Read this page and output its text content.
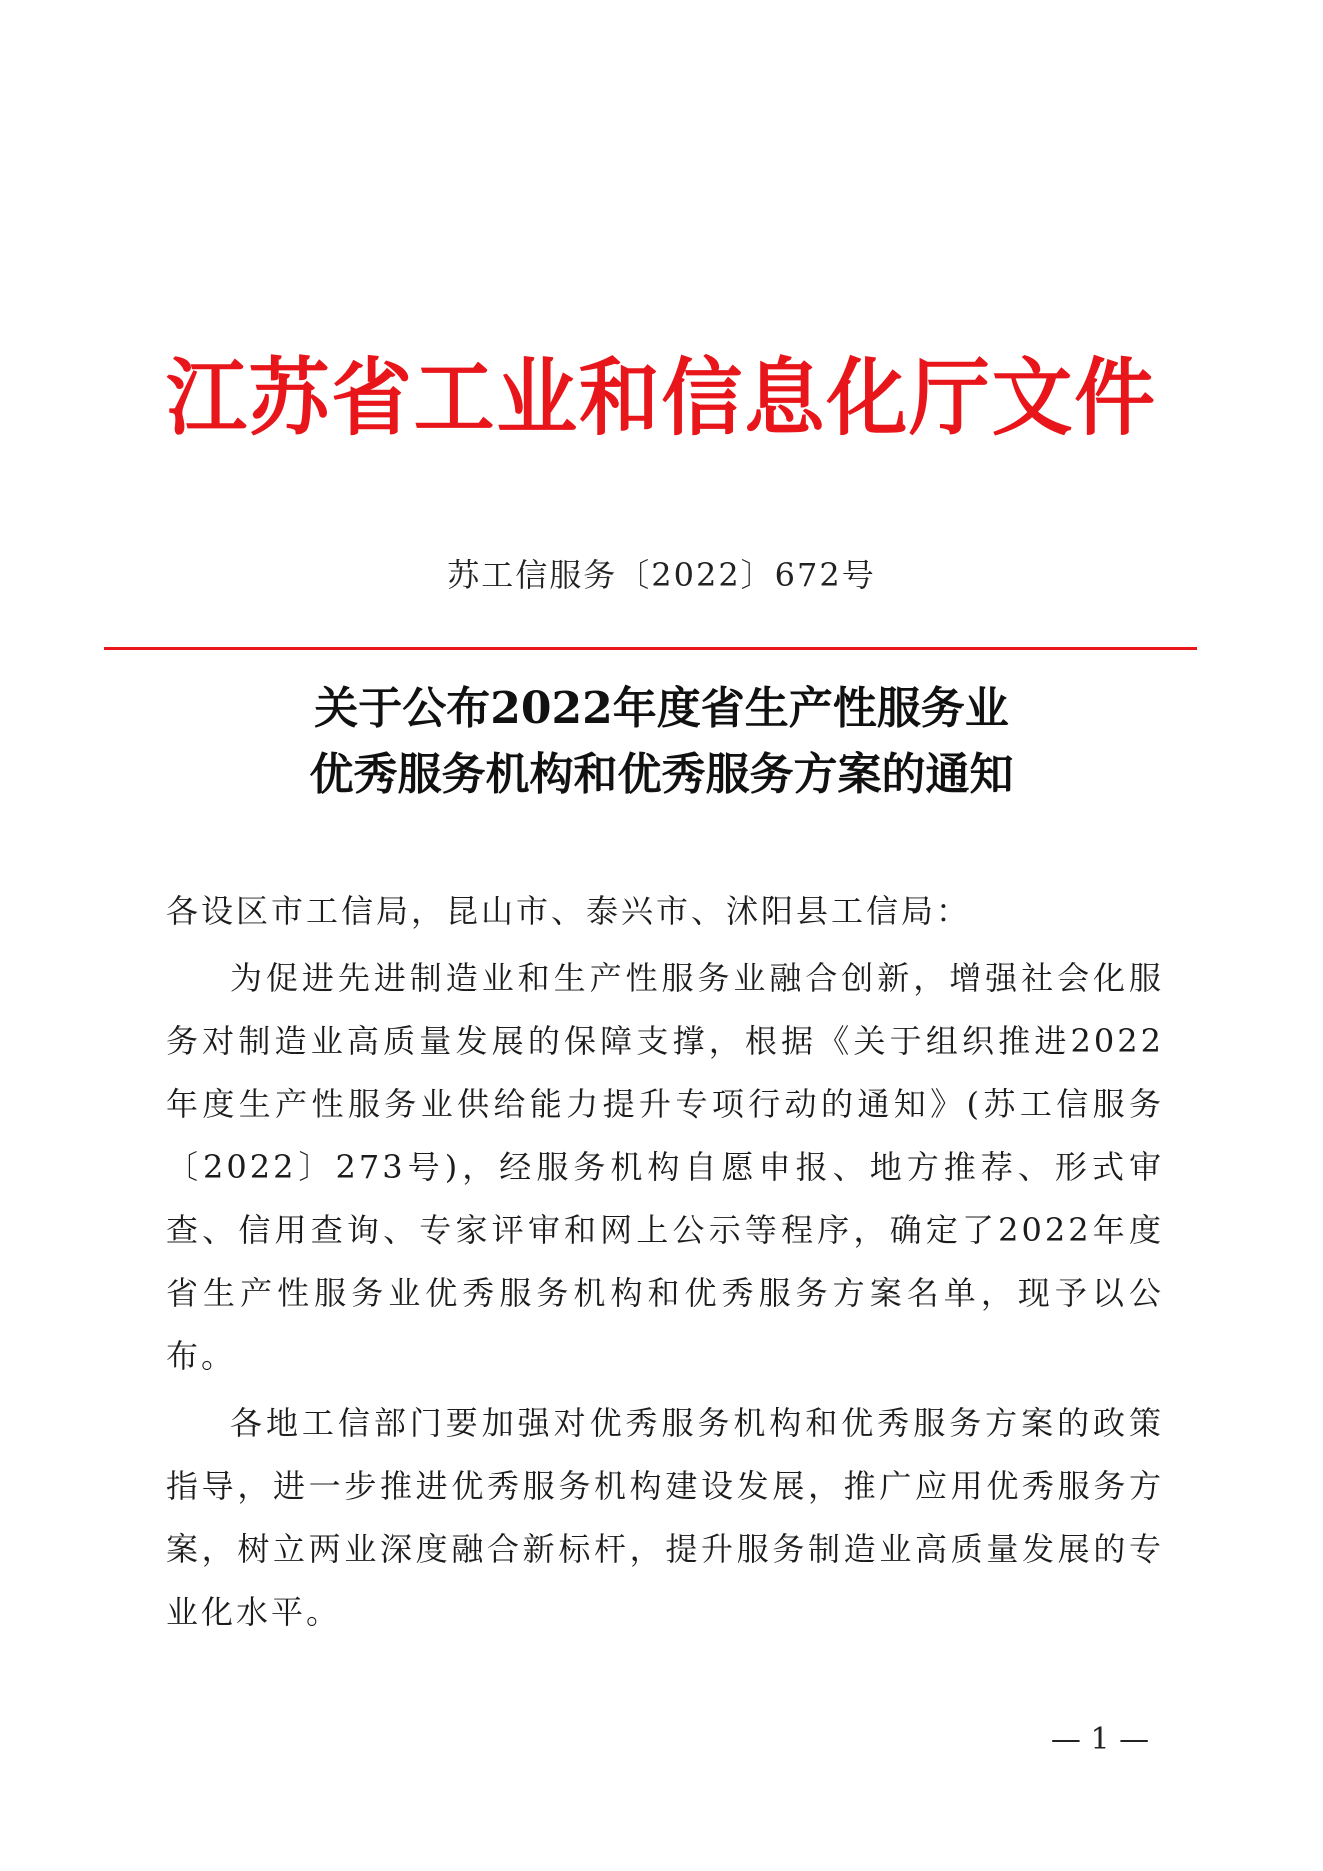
江苏省工业和信息化厅文件
苏工信服务〔2022〕672号
关于公布2022年度省生产性服务业
优秀服务机构和优秀服务方案的通知

各设区市工信局，昆山市、泰兴市、沭阳县工信局：

为促进先进制造业和生产性服务业融合创新，增强社会化服务对制造业高质量发展的保障支撑，根据《关于组织推进2022年度生产性服务业供给能力提升专项行动的通知》(苏工信服务〔2022〕273号)，经服务机构自愿申报、地方推荐、形式审查、信用查询、专家评审和网上公示等程序，确定了2022年度省生产性服务业优秀服务机构和优秀服务方案名单，现予以公布。

各地工信部门要加强对优秀服务机构和优秀服务方案的政策指导，进一步推进优秀服务机构建设发展，推广应用优秀服务方案，树立两业深度融合新标杆，提升服务制造业高质量发展的专业化水平。

— 1 —
